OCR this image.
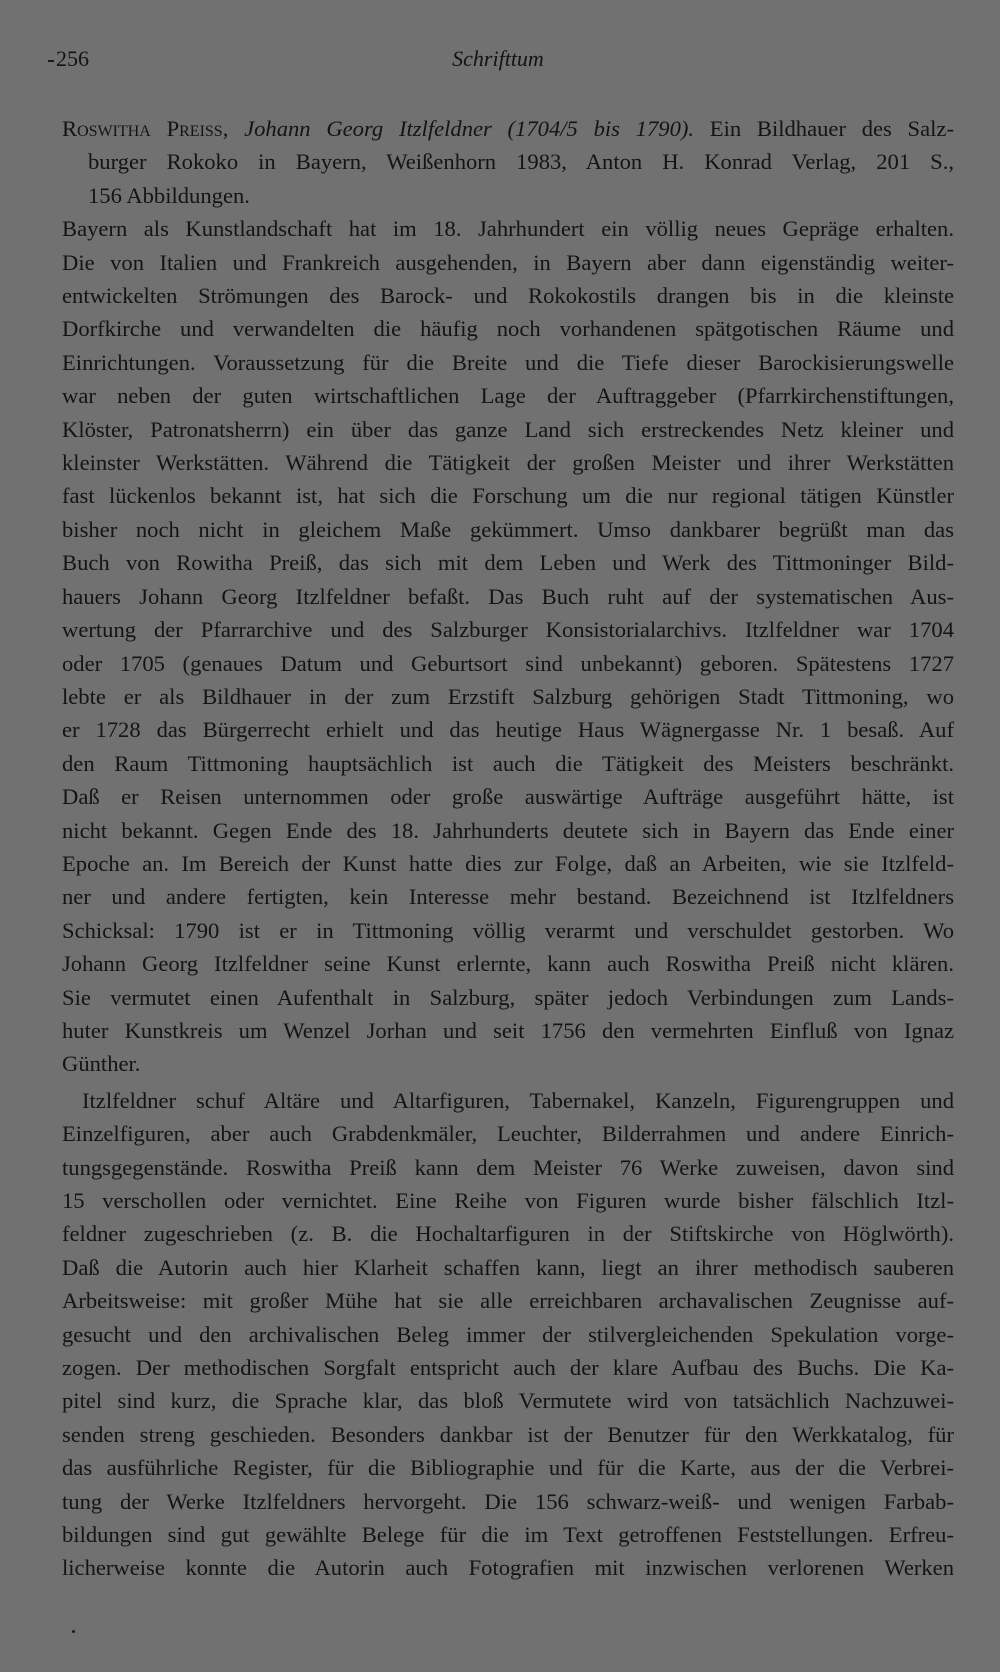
256	Schrifttum
Roswitha Preiss, Johann Georg Itzlfeldner (1704/5 bis 1790). Ein Bildhauer des Salz-
burger Rokoko in Bayern, Weißenhorn 1983, Anton H. Konrad Verlag, 201 S.,
156 Abbildungen.
Bayern als Kunstlandschaft hat im 18. Jahrhundert ein völlig neues Gepräge erhalten.
Die von Italien und Frankreich ausgehenden, in Bayern aber dann eigenständig weiter-
entwickelten Strömungen des Barock- und Rokokostils drangen bis in die kleinste
Dorfkirche und verwandelten die häufig noch vorhandenen spätgotischen Räume und
Einrichtungen. Voraussetzung für die Breite und die Tiefe dieser Barockisierungswelle
war neben der guten wirtschaftlichen Lage der Auftraggeber (Pfarrkirchenstiftungen,
Klöster, Patronatsherrn) ein über das ganze Land sich erstreckendes Netz kleiner und
kleinster Werkstätten. Während die Tätigkeit der großen Meister und ihrer Werkstätten
fast lückenlos bekannt ist, hat sich die Forschung um die nur regional tätigen Künstler
bisher noch nicht in gleichem Maße gekümmert. Umso dankbarer begrüßt man das
Buch von Rowitha Preiß, das sich mit dem Leben und Werk des Tittmoninger Bild-
hauers Johann Georg Itzlfeldner befaßt. Das Buch ruht auf der systematischen Aus-
wertung der Pfarrarchive und des Salzburger Konsistorialarchivs. Itzlfeldner war 1704
oder 1705 (genaues Datum und Geburtsort sind unbekannt) geboren. Spätestens 1727
lebte er als Bildhauer in der zum Erzstift Salzburg gehörigen Stadt Tittmoning, wo
er 1728 das Bürgerrecht erhielt und das heutige Haus Wägnergasse Nr. 1 besaß. Auf
den Raum Tittmoning hauptsächlich ist auch die Tätigkeit des Meisters beschränkt.
Daß er Reisen unternommen oder große auswärtige Aufträge ausgeführt hätte, ist
nicht bekannt. Gegen Ende des 18. Jahrhunderts deutete sich in Bayern das Ende einer
Epoche an. Im Bereich der Kunst hatte dies zur Folge, daß an Arbeiten, wie sie Itzlfeld-
ner und andere fertigten, kein Interesse mehr bestand. Bezeichnend ist Itzlfeldners
Schicksal: 1790 ist er in Tittmoning völlig verarmt und verschuldet gestorben. Wo
Johann Georg Itzlfeldner seine Kunst erlernte, kann auch Roswitha Preiß nicht klären.
Sie vermutet einen Aufenthalt in Salzburg, später jedoch Verbindungen zum Lands-
huter Kunstkreis um Wenzel Jorhan und seit 1756 den vermehrten Einfluß von Ignaz
Günther.
Itzlfeldner schuf Altäre und Altarfiguren, Tabernakel, Kanzeln, Figurengruppen und
Einzelfiguren, aber auch Grabdenkmäler, Leuchter, Bilderrahmen und andere Einrich-
tungsgegenstände. Roswitha Preiß kann dem Meister 76 Werke zuweisen, davon sind
15 verschollen oder vernichtet. Eine Reihe von Figuren wurde bisher fälschlich Itzl-
feldner zugeschrieben (z. B. die Hochaltarfiguren in der Stiftskirche von Höglwörth).
Daß die Autorin auch hier Klarheit schaffen kann, liegt an ihrer methodisch sauberen
Arbeitsweise: mit großer Mühe hat sie alle erreichbaren archavalischen Zeugnisse auf-
gesucht und den archivalischen Beleg immer der stilvergleichenden Spekulation vorge-
zogen. Der methodischen Sorgfalt entspricht auch der klare Aufbau des Buchs. Die Ka-
pitel sind kurz, die Sprache klar, das bloß Vermutete wird von tatsächlich Nachzuwei-
senden streng geschieden. Besonders dankbar ist der Benutzer für den Werkkatalog, für
das ausführliche Register, für die Bibliographie und für die Karte, aus der die Verbrei-
tung der Werke Itzlfeldners hervorgeht. Die 156 schwarz-weiß- und wenigen Farbab-
bildungen sind gut gewählte Belege für die im Text getroffenen Feststellungen. Erfreu-
licherweise konnte die Autorin auch Fotografien mit inzwischen verlorenen Werken
